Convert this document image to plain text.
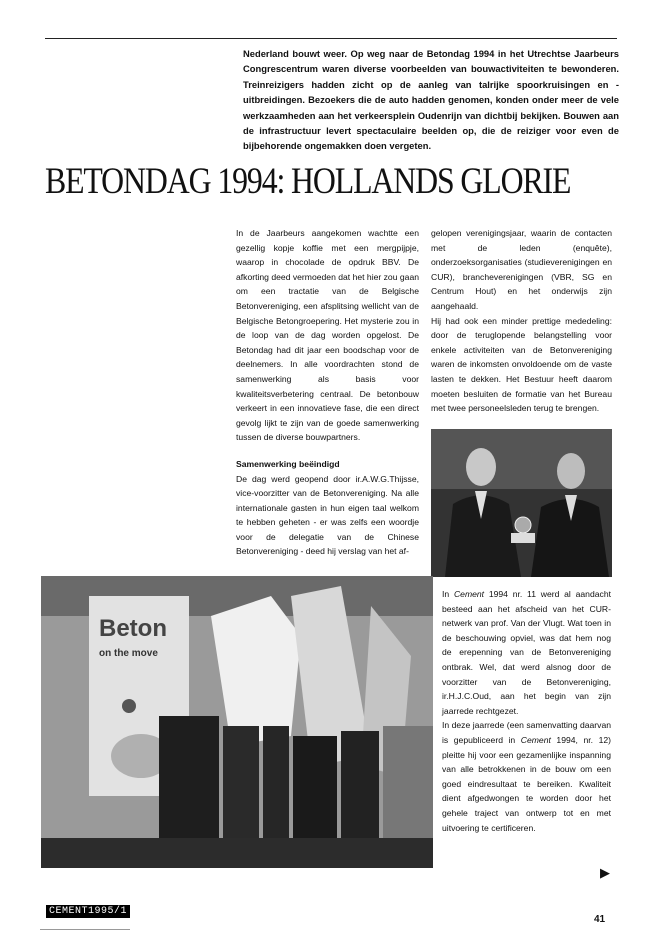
Nederland bouwt weer. Op weg naar de Betondag 1994 in het Utrechtse Jaarbeurs Congrescentrum waren diverse voorbeelden van bouwactiviteiten te bewonderen. Treinreizigers hadden zicht op de aanleg van talrijke spoorkruisingen en -uitbreidingen. Bezoekers die de auto hadden genomen, konden onder meer de vele werkzaamheden aan het verkeersplein Oudenrijn van dichtbij bekijken. Bouwen aan de infrastructuur levert spectaculaire beelden op, die de reiziger voor even de bijbehorende ongemakken doen vergeten.
BETONDAG 1994: HOLLANDS GLORIE

In de Jaarbeurs aangekomen wachtte een gezellig kopje koffie met een mergpijpje, waarop in chocolade de opdruk BBV. De afkorting deed vermoeden dat het hier zou gaan om een tractatie van de Belgische Betonvereniging, een afsplitsing wellicht van de Belgische Betongroepering. Het mysterie zou in de loop van de dag worden opgelost. De Betondag had dit jaar een boodschap voor de deelnemers. In alle voordrachten stond de samenwerking als basis voor kwaliteitsverbetering centraal. De betonbouw verkeert in een innovatieve fase, die een direct gevolg lijkt te zijn van de goede samenwerking tussen de diverse bouwpartners.

Samenwerking beëindigd

De dag werd geopend door ir.A.W.G.Thijsse, vice-voorzitter van de Betonvereniging. Na alle internationale gasten in hun eigen taal welkom te hebben geheten - er was zelfs een woordje voor de delegatie van de Chinese Betonvereniging - deed hij verslag van het af-

gelopen verenigingsjaar, waarin de contacten met de leden (enquête), onderzoeksorganisaties (studieverenigingen en CUR), brancheverenigingen (VBR, SG en Centrum Hout) en het onderwijs zijn aangehaald.

Hij had ook een minder prettige mededeling: door de teruglopende belangstelling voor enkele activiteiten van de Betonvereniging waren de inkomsten onvoldoende om de vaste lasten te dekken. Het Bestuur heeft daarom moeten besluiten de formatie van het Bureau met twee personeelsleden terug te brengen.

Beton
on the move

In Cement 1994 nr. 11 werd al aandacht besteed aan het afscheid van het CUR-netwerk van prof. Van der Vlugt. Wat toen in de beschouwing opviel, was dat hem nog de erepenning van de Betonvereniging ontbrak. Wel, dat werd alsnog door de voorzitter van de Betonvereniging, ir.H.J.C.Oud, aan het begin van zijn jaarrede rechtgezet.

In deze jaarrede (een samenvatting daarvan is gepubliceerd in Cement 1994, nr. 12) pleitte hij voor een gezamenlijke inspanning van alle betrokkenen in de bouw om een goed eindresultaat te bereiken. Kwaliteit dient afgedwongen te worden door het gehele traject van ontwerp tot en met uitvoering te certificeren.

▶
CEMENT1995/1
41
